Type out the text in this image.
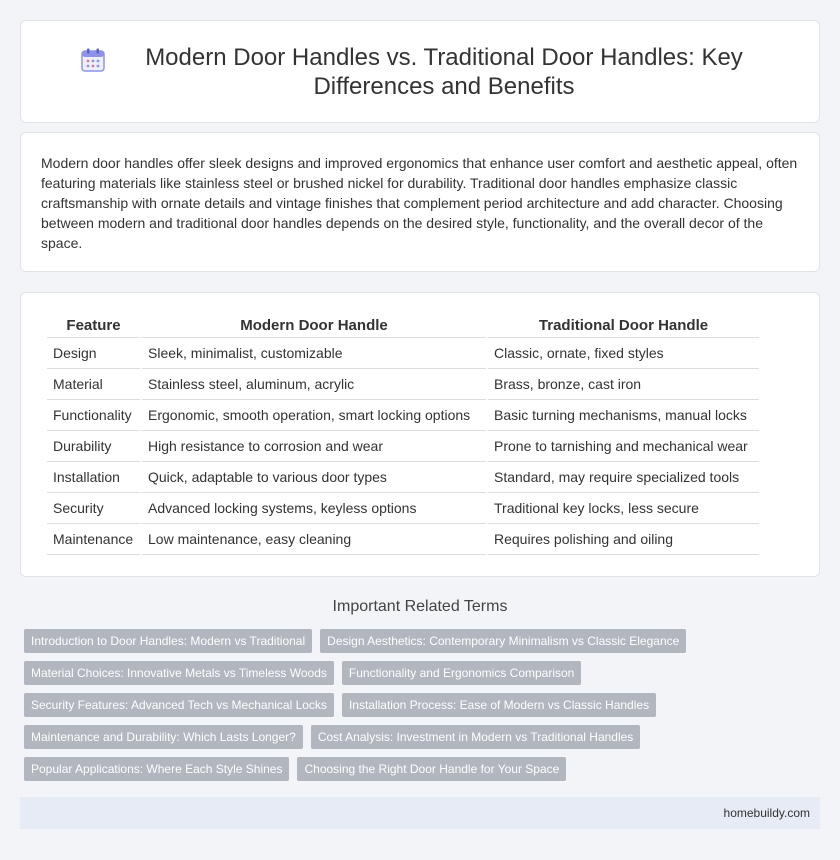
Modern Door Handles vs. Traditional Door Handles: Key Differences and Benefits

Modern door handles offer sleek designs and improved ergonomics that enhance user comfort and aesthetic appeal, often featuring materials like stainless steel or brushed nickel for durability. Traditional door handles emphasize classic craftsmanship with ornate details and vintage finishes that complement period architecture and add character. Choosing between modern and traditional door handles depends on the desired style, functionality, and the overall decor of the space.

Feature	Modern Door Handle	Traditional Door Handle
Design	Sleek, minimalist, customizable	Classic, ornate, fixed styles
Material	Stainless steel, aluminum, acrylic	Brass, bronze, cast iron
Functionality	Ergonomic, smooth operation, smart locking options	Basic turning mechanisms, manual locks
Durability	High resistance to corrosion and wear	Prone to tarnishing and mechanical wear
Installation	Quick, adaptable to various door types	Standard, may require specialized tools
Security	Advanced locking systems, keyless options	Traditional key locks, less secure
Maintenance	Low maintenance, easy cleaning	Requires polishing and oiling
Important Related Terms
Introduction to Door Handles: Modern vs Traditional	Design Aesthetics: Contemporary Minimalism vs Classic Elegance
Material Choices: Innovative Metals vs Timeless Woods	Functionality and Ergonomics Comparison
Security Features: Advanced Tech vs Mechanical Locks	Installation Process: Ease of Modern vs Classic Handles
Maintenance and Durability: Which Lasts Longer?	Cost Analysis: Investment in Modern vs Traditional Handles
Popular Applications: Where Each Style Shines	Choosing the Right Door Handle for Your Space
homebuildy.com
